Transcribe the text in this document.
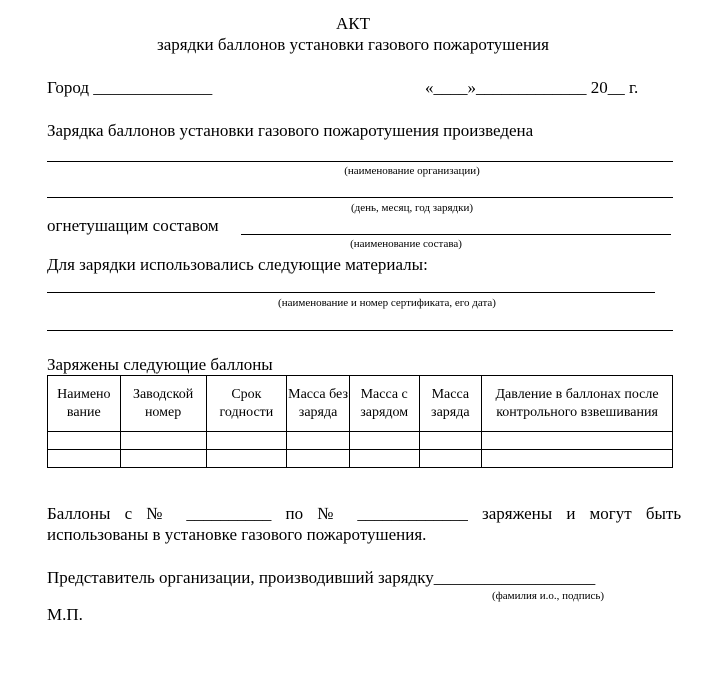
АКТ
зарядки баллонов установки газового пожаротушения
Город ______________	«____»_____________ 20__ г.
Зарядка баллонов установки газового пожаротушения произведена
(наименование организации)
(день, месяц, год зарядки)
огнетушащим составом
(наименование состава)
Для зарядки использовались следующие материалы:
(наименование и номер сертификата, его дата)
Заряжены следующие баллоны
Наимено вание	Заводской номер	Срок годности	Масса без заряда	Масса с зарядом	Масса заряда	Давление в баллонах после контрольного взвешивания

Баллоны с № __________ по № _____________ заряжены и могут быть
использованы в установке газового пожаротушения.
Представитель организации, производивший зарядку___________________
(фамилия и.о., подпись)
М.П.
